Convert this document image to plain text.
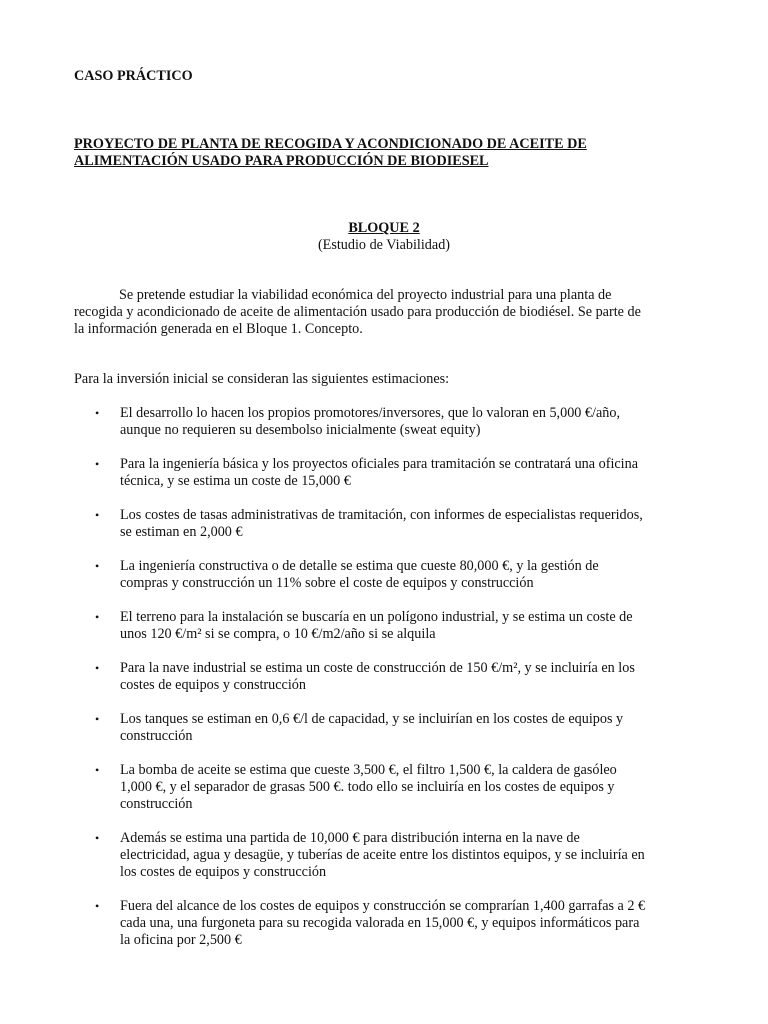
CASO PRÁCTICO
PROYECTO DE PLANTA DE RECOGIDA Y ACONDICIONADO DE ACEITE DE
ALIMENTACIÓN USADO PARA PRODUCCIÓN DE BIODIESEL
BLOQUE 2
(Estudio de Viabilidad)
Se pretende estudiar la viabilidad económica del proyecto industrial para una planta de
recogida y acondicionado de aceite de alimentación usado para producción de biodiésel. Se parte de
la información generada en el Bloque 1. Concepto.
Para la inversión inicial se consideran las siguientes estimaciones:
• El desarrollo lo hacen los propios promotores/inversores, que lo valoran en 5,000 €/año,
aunque no requieren su desembolso inicialmente (sweat equity)
• Para la ingeniería básica y los proyectos oficiales para tramitación se contratará una oficina
técnica, y se estima un coste de 15,000 €
• Los costes de tasas administrativas de tramitación, con informes de especialistas requeridos,
se estiman en 2,000 €
• La ingeniería constructiva o de detalle se estima que cueste 80,000 €, y la gestión de
compras y construcción un 11% sobre el coste de equipos y construcción
• El terreno para la instalación se buscaría en un polígono industrial, y se estima un coste de
unos 120 €/m² si se compra, o 10 €/m2/año si se alquila
• Para la nave industrial se estima un coste de construcción de 150 €/m², y se incluiría en los
costes de equipos y construcción
• Los tanques se estiman en 0,6 €/l de capacidad, y se incluirían en los costes de equipos y
construcción
• La bomba de aceite se estima que cueste 3,500 €, el filtro 1,500 €, la caldera de gasóleo
1,000 €, y el separador de grasas 500 €. todo ello se incluiría en los costes de equipos y
construcción
• Además se estima una partida de 10,000 € para distribución interna en la nave de
electricidad, agua y desagüe, y tuberías de aceite entre los distintos equipos, y se incluiría en
los costes de equipos y construcción
• Fuera del alcance de los costes de equipos y construcción se comprarían 1,400 garrafas a 2 €
cada una, una furgoneta para su recogida valorada en 15,000 €, y equipos informáticos para
la oficina por 2,500 €
